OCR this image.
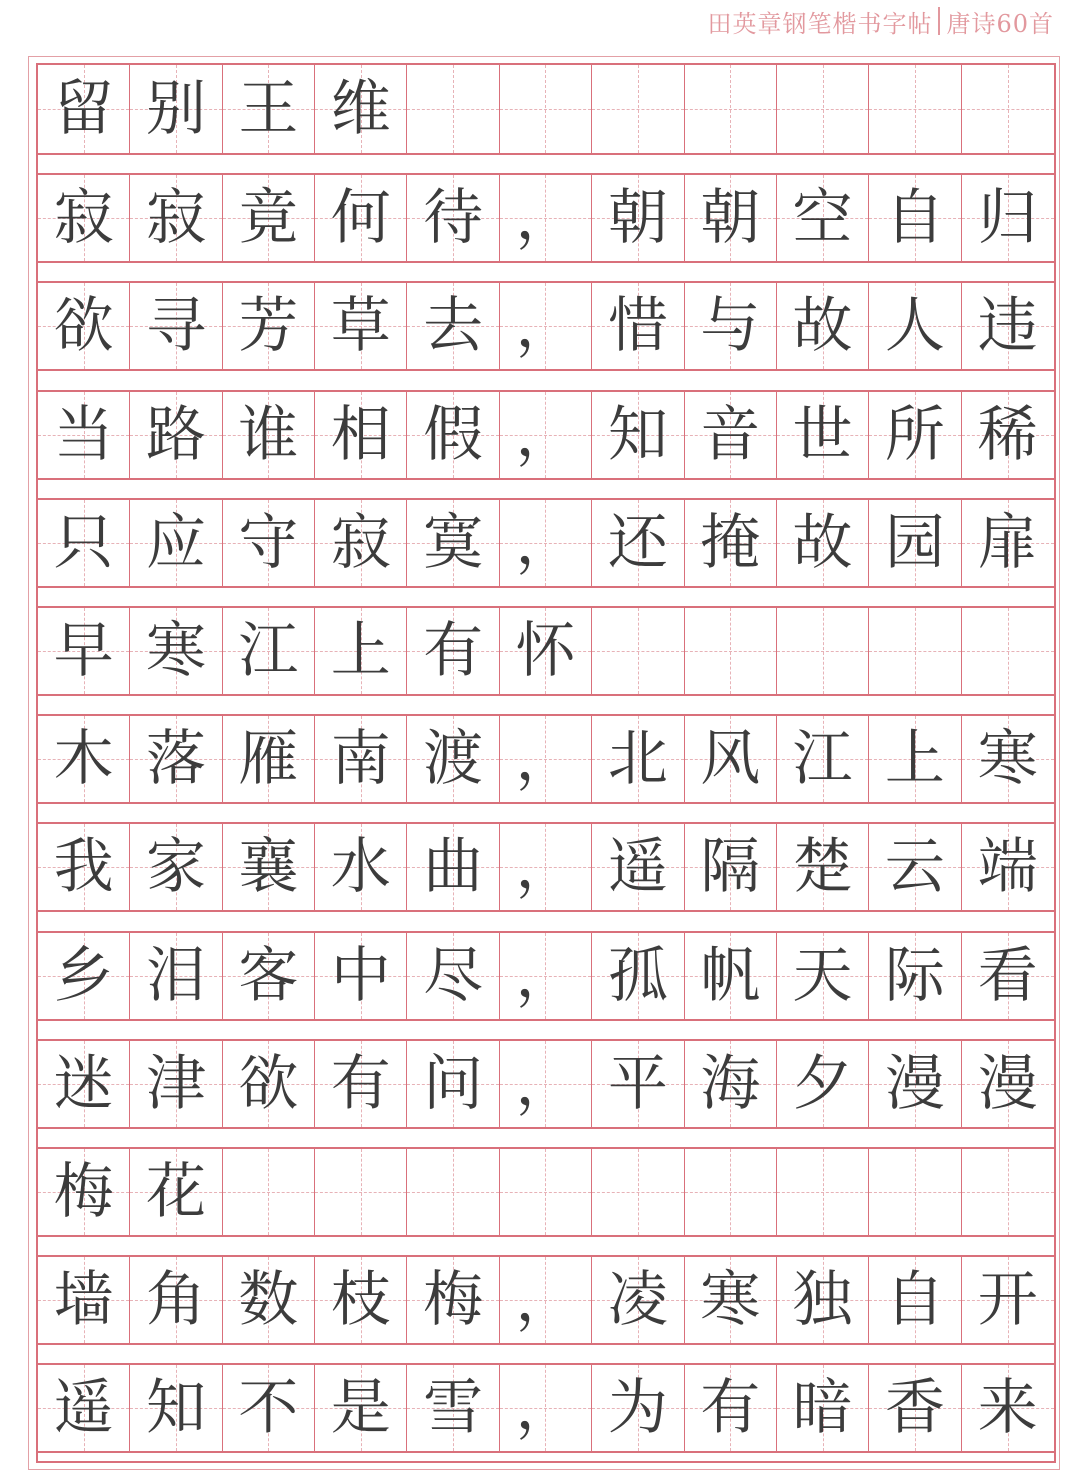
田英章钢笔楷书字帖 唐诗60首
留 别 王 维
寂 寂 竟 何 待 ， 朝 朝 空 自 归
欲 寻 芳 草 去 ， 惜 与 故 人 违
当 路 谁 相 假 ， 知 音 世 所 稀
只 应 守 寂 寞 ， 还 掩 故 园 扉
早 寒 江 上 有 怀
木 落 雁 南 渡 ， 北 风 江 上 寒
我 家 襄 水 曲 ， 遥 隔 楚 云 端
乡 泪 客 中 尽 ， 孤 帆 天 际 看
迷 津 欲 有 问 ， 平 海 夕 漫 漫
梅 花
墙 角 数 枝 梅 ， 凌 寒 独 自 开
遥 知 不 是 雪 ， 为 有 暗 香 来
